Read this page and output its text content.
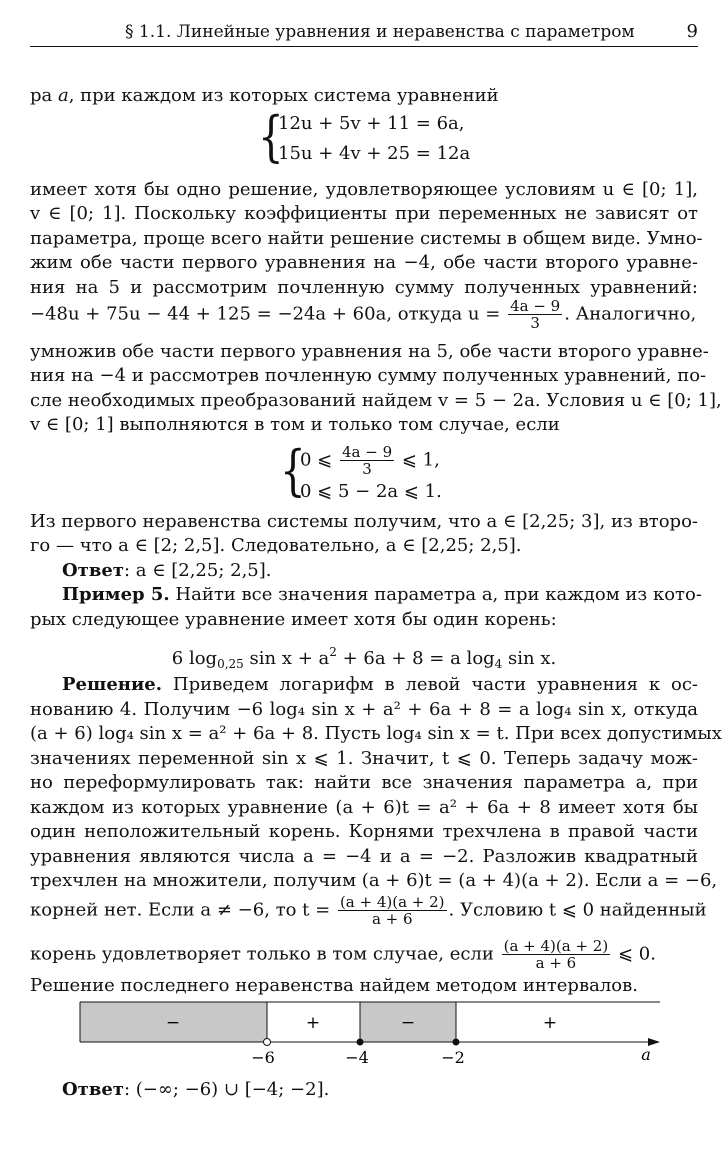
§ 1.1. Линейные уравнения и неравенства с параметром	9
ра a, при каждом из которых система уравнений
{
12u + 5v + 11 = 6a,
15u + 4v + 25 = 12a
имеет хотя бы одно решение, удовлетворяющее условиям u ∈ [0; 1],
v ∈ [0; 1]. Поскольку коэффициенты при переменных не зависят от
параметра, проще всего найти решение системы в общем виде. Умно-
жим обе части первого уравнения на −4, обе части второго уравне-
ния на 5 и рассмотрим почленную сумму полученных уравнений:
−48u + 75u − 44 + 125 = −24a + 60a, откуда $u = \frac{4a - 9}{3}$ . Аналогично,
умножив обе части первого уравнения на 5, обе части второго уравне-
ния на −4 и рассмотрев почленную сумму полученных уравнений, по-
сле необходимых преобразований найдем v = 5 − 2a. Условия u ∈ [0; 1],
v ∈ [0; 1] выполняются в том и только том случае, если
{
0 ⩽ $\frac{4a - 9}{3}$ ⩽ 1,
0 ⩽ 5 − 2a ⩽ 1.
Из первого неравенства системы получим, что a ∈ [2,25; 3], из второ-
го — что a ∈ [2; 2,5]. Следовательно, a ∈ [2,25; 2,5].
Ответ: a ∈ [2,25; 2,5].
Пример 5. Найти все значения параметра a, при каждом из кото-
рых следующее уравнение имеет хотя бы один корень:
6 $\log_{0,25} \sin x + a^2 + 6a + 8 = a$ $\log_4 \sin x$.
Решение. Приведем логарифм в левой части уравнения к ос-
нованию 4. Получим −6 log₄ sin x + a² + 6a + 8 = a log₄ sin x, откуда
(a + 6) log₄ sin x = a² + 6a + 8. Пусть log₄ sin x = t. При всех допустимых
значениях переменной sin x ⩽ 1. Значит, t ⩽ 0. Теперь задачу мож-
но переформулировать так: найти все значения параметра a, при
каждом из которых уравнение (a + 6)t = a² + 6a + 8 имеет хотя бы
один неположительный корень. Корнями трехчлена в правой части
уравнения являются числа a = −4 и a = −2. Разложив квадратный
трехчлен на множители, получим (a + 6)t = (a + 4)(a + 2). Если a = −6,
корней нет. Если a ≠ −6, то $t = \frac{(a + 4)(a + 2)}{a + 6}$ . Условию t ⩽ 0 найденный
корень удовлетворяет только в том случае, если $\frac{(a + 4)(a + 2)}{a + 6}$ ⩽ 0.
Решение последнего неравенства найдем методом интервалов.
−	+	−	+
−6	−4	−2	a
Ответ: (−∞; −6) ∪ [−4; −2].
